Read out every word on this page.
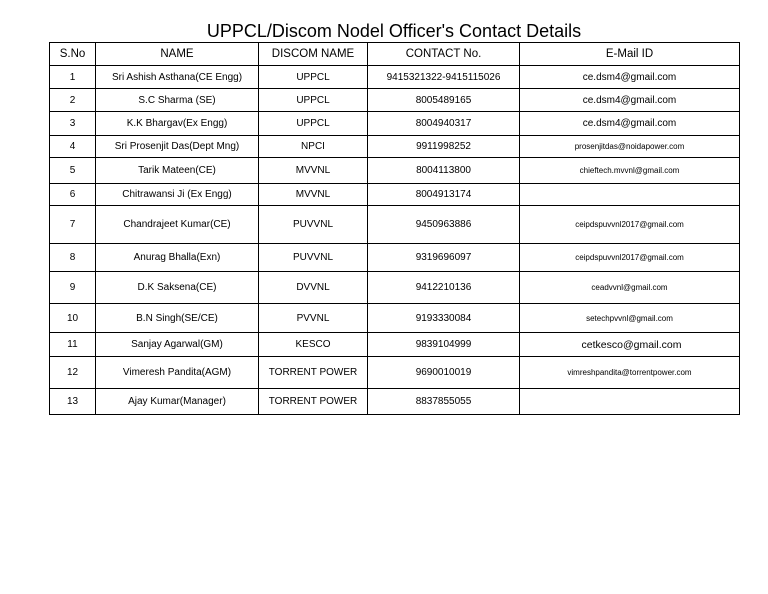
UPPCL/Discom Nodel Officer's Contact Details
S.No	NAME	DISCOM NAME	CONTACT No.	E-Mail ID
1	Sri Ashish Asthana(CE Engg)	UPPCL	9415321322-9415115026	ce.dsm4@gmail.com
2	S.C Sharma (SE)	UPPCL	8005489165	ce.dsm4@gmail.com
3	K.K Bhargav(Ex Engg)	UPPCL	8004940317	ce.dsm4@gmail.com
4	Sri Prosenjit Das(Dept Mng)	NPCI	9911998252	prosenjitdas@noidapower.com
5	Tarik Mateen(CE)	MVVNL	8004113800	chieftech.mvvnl@gmail.com
6	Chitrawansi Ji (Ex Engg)	MVVNL	8004913174	
7	Chandrajeet Kumar(CE)	PUVVNL	9450963886	ceipdspuvvnl2017@gmail.com
8	Anurag Bhalla(Exn)	PUVVNL	9319696097	ceipdspuvvnl2017@gmail.com
9	D.K Saksena(CE)	DVVNL	9412210136	ceadvvnl@gmail.com
10	B.N Singh(SE/CE)	PVVNL	9193330084	setechpvvnl@gmail.com
11	Sanjay Agarwal(GM)	KESCO	9839104999	cetkesco@gmail.com
12	Vimeresh Pandita(AGM)	TORRENT POWER	9690010019	vimreshpandita@torrentpower.com
13	Ajay Kumar(Manager)	TORRENT POWER	8837855055	
